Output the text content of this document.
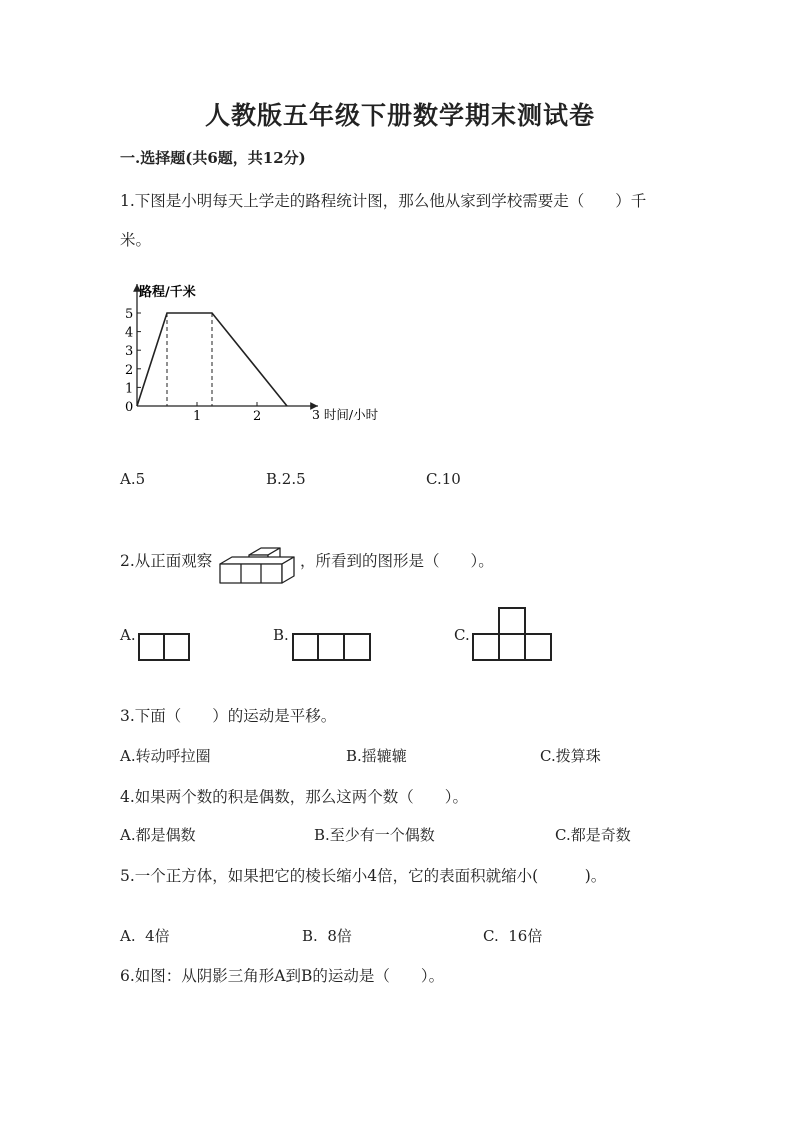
人教版五年级下册数学期末测试卷
一.选择题(共6题，共12分)
1.下图是小明每天上学走的路程统计图，那么他从家到学校需要走（　　）千
米。
0
1
2
3
4
5
1	2
路程/千米
3 时间/小时
A.5	B.2.5	C.10
2.从正面观察	，所看到的图形是（　　）。
A.	B.	C.
3.下面（　　）的运动是平移。
A.转动呼拉圈	B.摇辘辘	C.拨算珠
4.如果两个数的积是偶数，那么这两个数（　　）。
A.都是偶数	B.至少有一个偶数	C.都是奇数
5.一个正方体，如果把它的棱长缩小4倍，它的表面积就缩小(　　　)。
A.  4倍	B.  8倍	C.  16倍
6.如图：从阴影三角形A到B的运动是（　　）。
